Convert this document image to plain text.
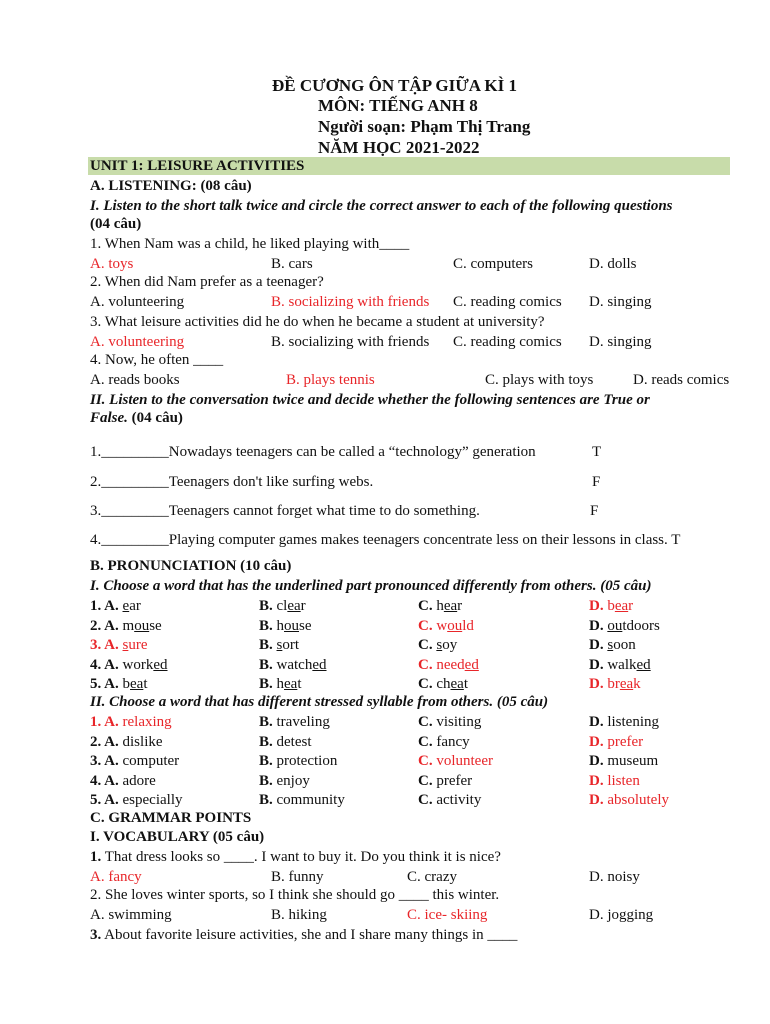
ĐỀ CƯƠNG ÔN TẬP GIỮA KÌ 1
MÔN: TIẾNG ANH 8
Người soạn: Phạm Thị Trang
NĂM HỌC 2021-2022
UNIT 1: LEISURE ACTIVITIES
A. LISTENING: (08 câu)
I. Listen to the short talk twice and circle the correct answer to each of the following questions
(04 câu)
1. When Nam was a child, he liked playing with____
A. toys	B. cars	C. computers	D. dolls
2. When did Nam prefer as a teenager?
A. volunteering	B. socializing with friends C. reading comics D. singing
3. What leisure activities did he do when he became a student at university?
A. volunteering	B. socializing with friends C. reading comics D. singing
4. Now, he often ____
A. reads books	B. plays tennis	C. plays with toys	D. reads comics
II. Listen to the conversation twice and decide whether the following sentences are True or
False. (04 câu)
1._________Nowadays teenagers can be called a “technology” generation	T
2._________Teenagers don't like surfing webs.	F
3._________Teenagers cannot forget what time to do something.	F
4._________Playing computer games makes teenagers concentrate less on their lessons in class. T
B. PRONUNCIATION (10 câu)
I. Choose a word that has the underlined part pronounced differently from others. (05 câu)
1. A. ear	B. clear	C. hear	D. bear
2. A. mouse	B. house	C. would	D. outdoors
3. A. sure	B. sort	C. soy	D. soon
4. A. worked	B. watched	C. needed	D. walked
5. A. beat	B. heat	C. cheat	D. break
II. Choose a word that has different stressed syllable from others. (05 câu)
1. A. relaxing	B. traveling	C. visiting	D. listening
2. A. dislike	B. detest	C. fancy	D. prefer
3. A. computer	B. protection	C. volunteer	D. museum
4. A. adore	B. enjoy	C. prefer	D. listen
5. A. especially	B. community	C. activity	D. absolutely
C. GRAMMAR POINTS
I. VOCABULARY (05 câu)
1. That dress looks so ____. I want to buy it. Do you think it is nice?
A. fancy	B. funny	C. crazy	D. noisy
2. She loves winter sports, so I think she should go ____ this winter.
A. swimming	B. hiking	C. ice- skiing	D. jogging
3. About favorite leisure activities, she and I share many things in ____
